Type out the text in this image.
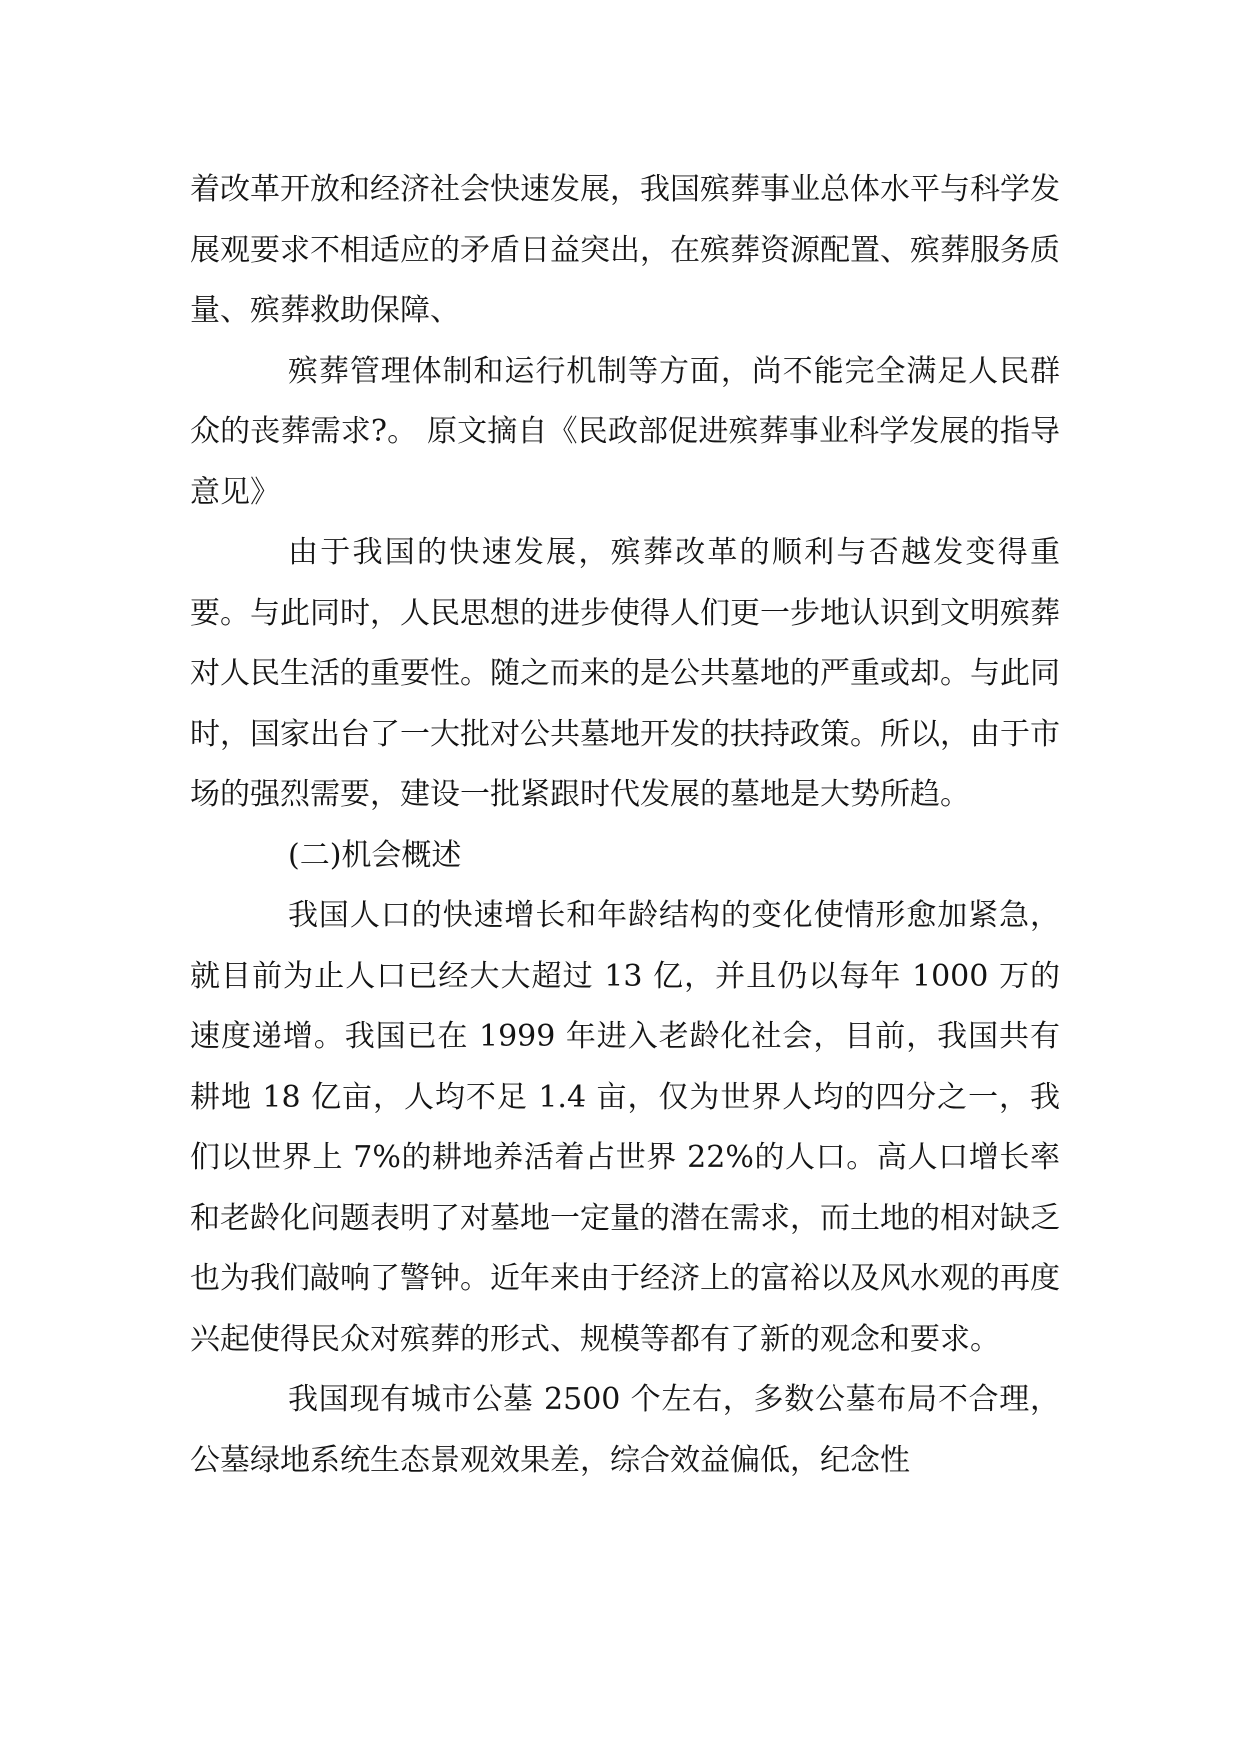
着改革开放和经济社会快速发展，我国殡葬事业总体水平与科学发展观要求不相适应的矛盾日益突出，在殡葬资源配置、殡葬服务质量、殡葬救助保障、

殡葬管理体制和运行机制等方面，尚不能完全满足人民群众的丧葬需求?。 原文摘自《民政部促进殡葬事业科学发展的指导意见》

由于我国的快速发展，殡葬改革的顺利与否越发变得重要。与此同时，人民思想的进步使得人们更一步地认识到文明殡葬对人民生活的重要性。随之而来的是公共墓地的严重或却。与此同时，国家出台了一大批对公共墓地开发的扶持政策。所以，由于市场的强烈需要，建设一批紧跟时代发展的墓地是大势所趋。

(二)机会概述

我国人口的快速增长和年龄结构的变化使情形愈加紧急，就目前为止人口已经大大超过 13 亿，并且仍以每年 1000 万的速度递增。我国已在 1999 年进入老龄化社会，目前，我国共有耕地 18 亿亩，人均不足 1.4 亩，仅为世界人均的四分之一，我们以世界上 7%的耕地养活着占世界 22%的人口。高人口增长率和老龄化问题表明了对墓地一定量的潜在需求，而土地的相对缺乏也为我们敲响了警钟。近年来由于经济上的富裕以及风水观的再度兴起使得民众对殡葬的形式、规模等都有了新的观念和要求。

我国现有城市公墓 2500 个左右，多数公墓布局不合理，公墓绿地系统生态景观效果差，综合效益偏低，纪念性
